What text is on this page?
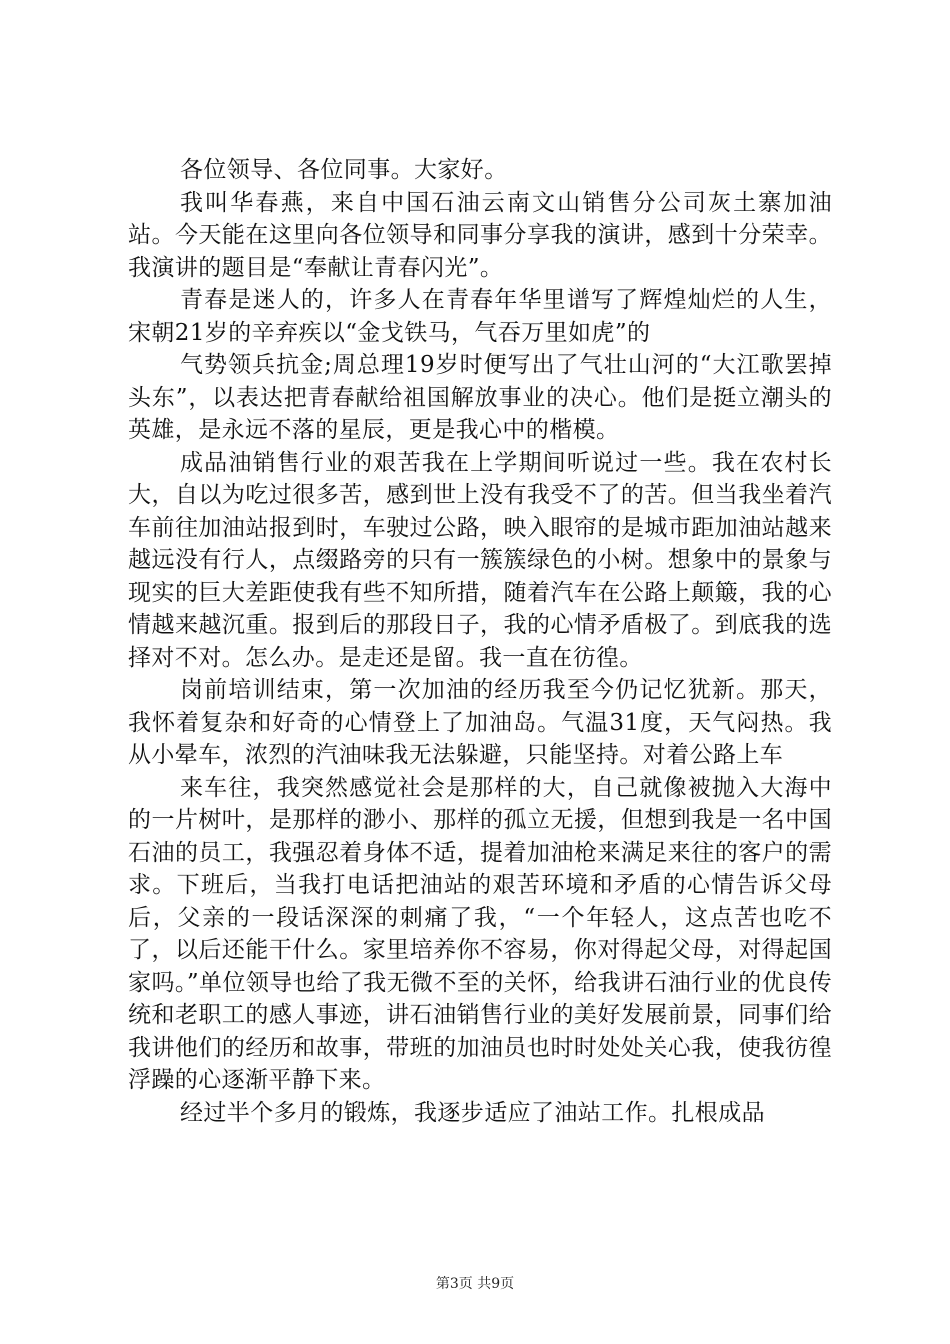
各位领导、各位同事。大家好。

我叫华春燕，来自中国石油云南文山销售分公司灰土寨加油站。今天能在这里向各位领导和同事分享我的演讲，感到十分荣幸。我演讲的题目是“奉献让青春闪光”。

青春是迷人的，许多人在青春年华里谱写了辉煌灿烂的人生，宋朝21岁的辛弃疾以“金戈铁马，气吞万里如虎”的

气势领兵抗金;周总理19岁时便写出了气壮山河的“大江歌罢掉头东”，以表达把青春献给祖国解放事业的决心。他们是挺立潮头的英雄，是永远不落的星辰，更是我心中的楷模。

成品油销售行业的艰苦我在上学期间听说过一些。我在农村长大，自以为吃过很多苦，感到世上没有我受不了的苦。但当我坐着汽车前往加油站报到时，车驶过公路，映入眼帘的是城市距加油站越来越远没有行人，点缀路旁的只有一簇簇绿色的小树。想象中的景象与现实的巨大差距使我有些不知所措，随着汽车在公路上颠簸，我的心情越来越沉重。报到后的那段日子，我的心情矛盾极了。到底我的选择对不对。怎么办。是走还是留。我一直在彷徨。

岗前培训结束，第一次加油的经历我至今仍记忆犹新。那天，我怀着复杂和好奇的心情登上了加油岛。气温31度，天气闷热。我从小晕车，浓烈的汽油味我无法躲避，只能坚持。对着公路上车

来车往，我突然感觉社会是那样的大，自己就像被抛入大海中的一片树叶，是那样的渺小、那样的孤立无援，但想到我是一名中国石油的员工，我强忍着身体不适，提着加油枪来满足来往的客户的需求。下班后，当我打电话把油站的艰苦环境和矛盾的心情告诉父母后，父亲的一段话深深的刺痛了我，“一个年轻人，这点苦也吃不了，以后还能干什么。家里培养你不容易，你对得起父母，对得起国家吗。”单位领导也给了我无微不至的关怀，给我讲石油行业的优良传统和老职工的感人事迹，讲石油销售行业的美好发展前景，同事们给我讲他们的经历和故事，带班的加油员也时时处处关心我，使我彷徨浮躁的心逐渐平静下来。

经过半个多月的锻炼，我逐步适应了油站工作。扎根成品

第3页 共9页
